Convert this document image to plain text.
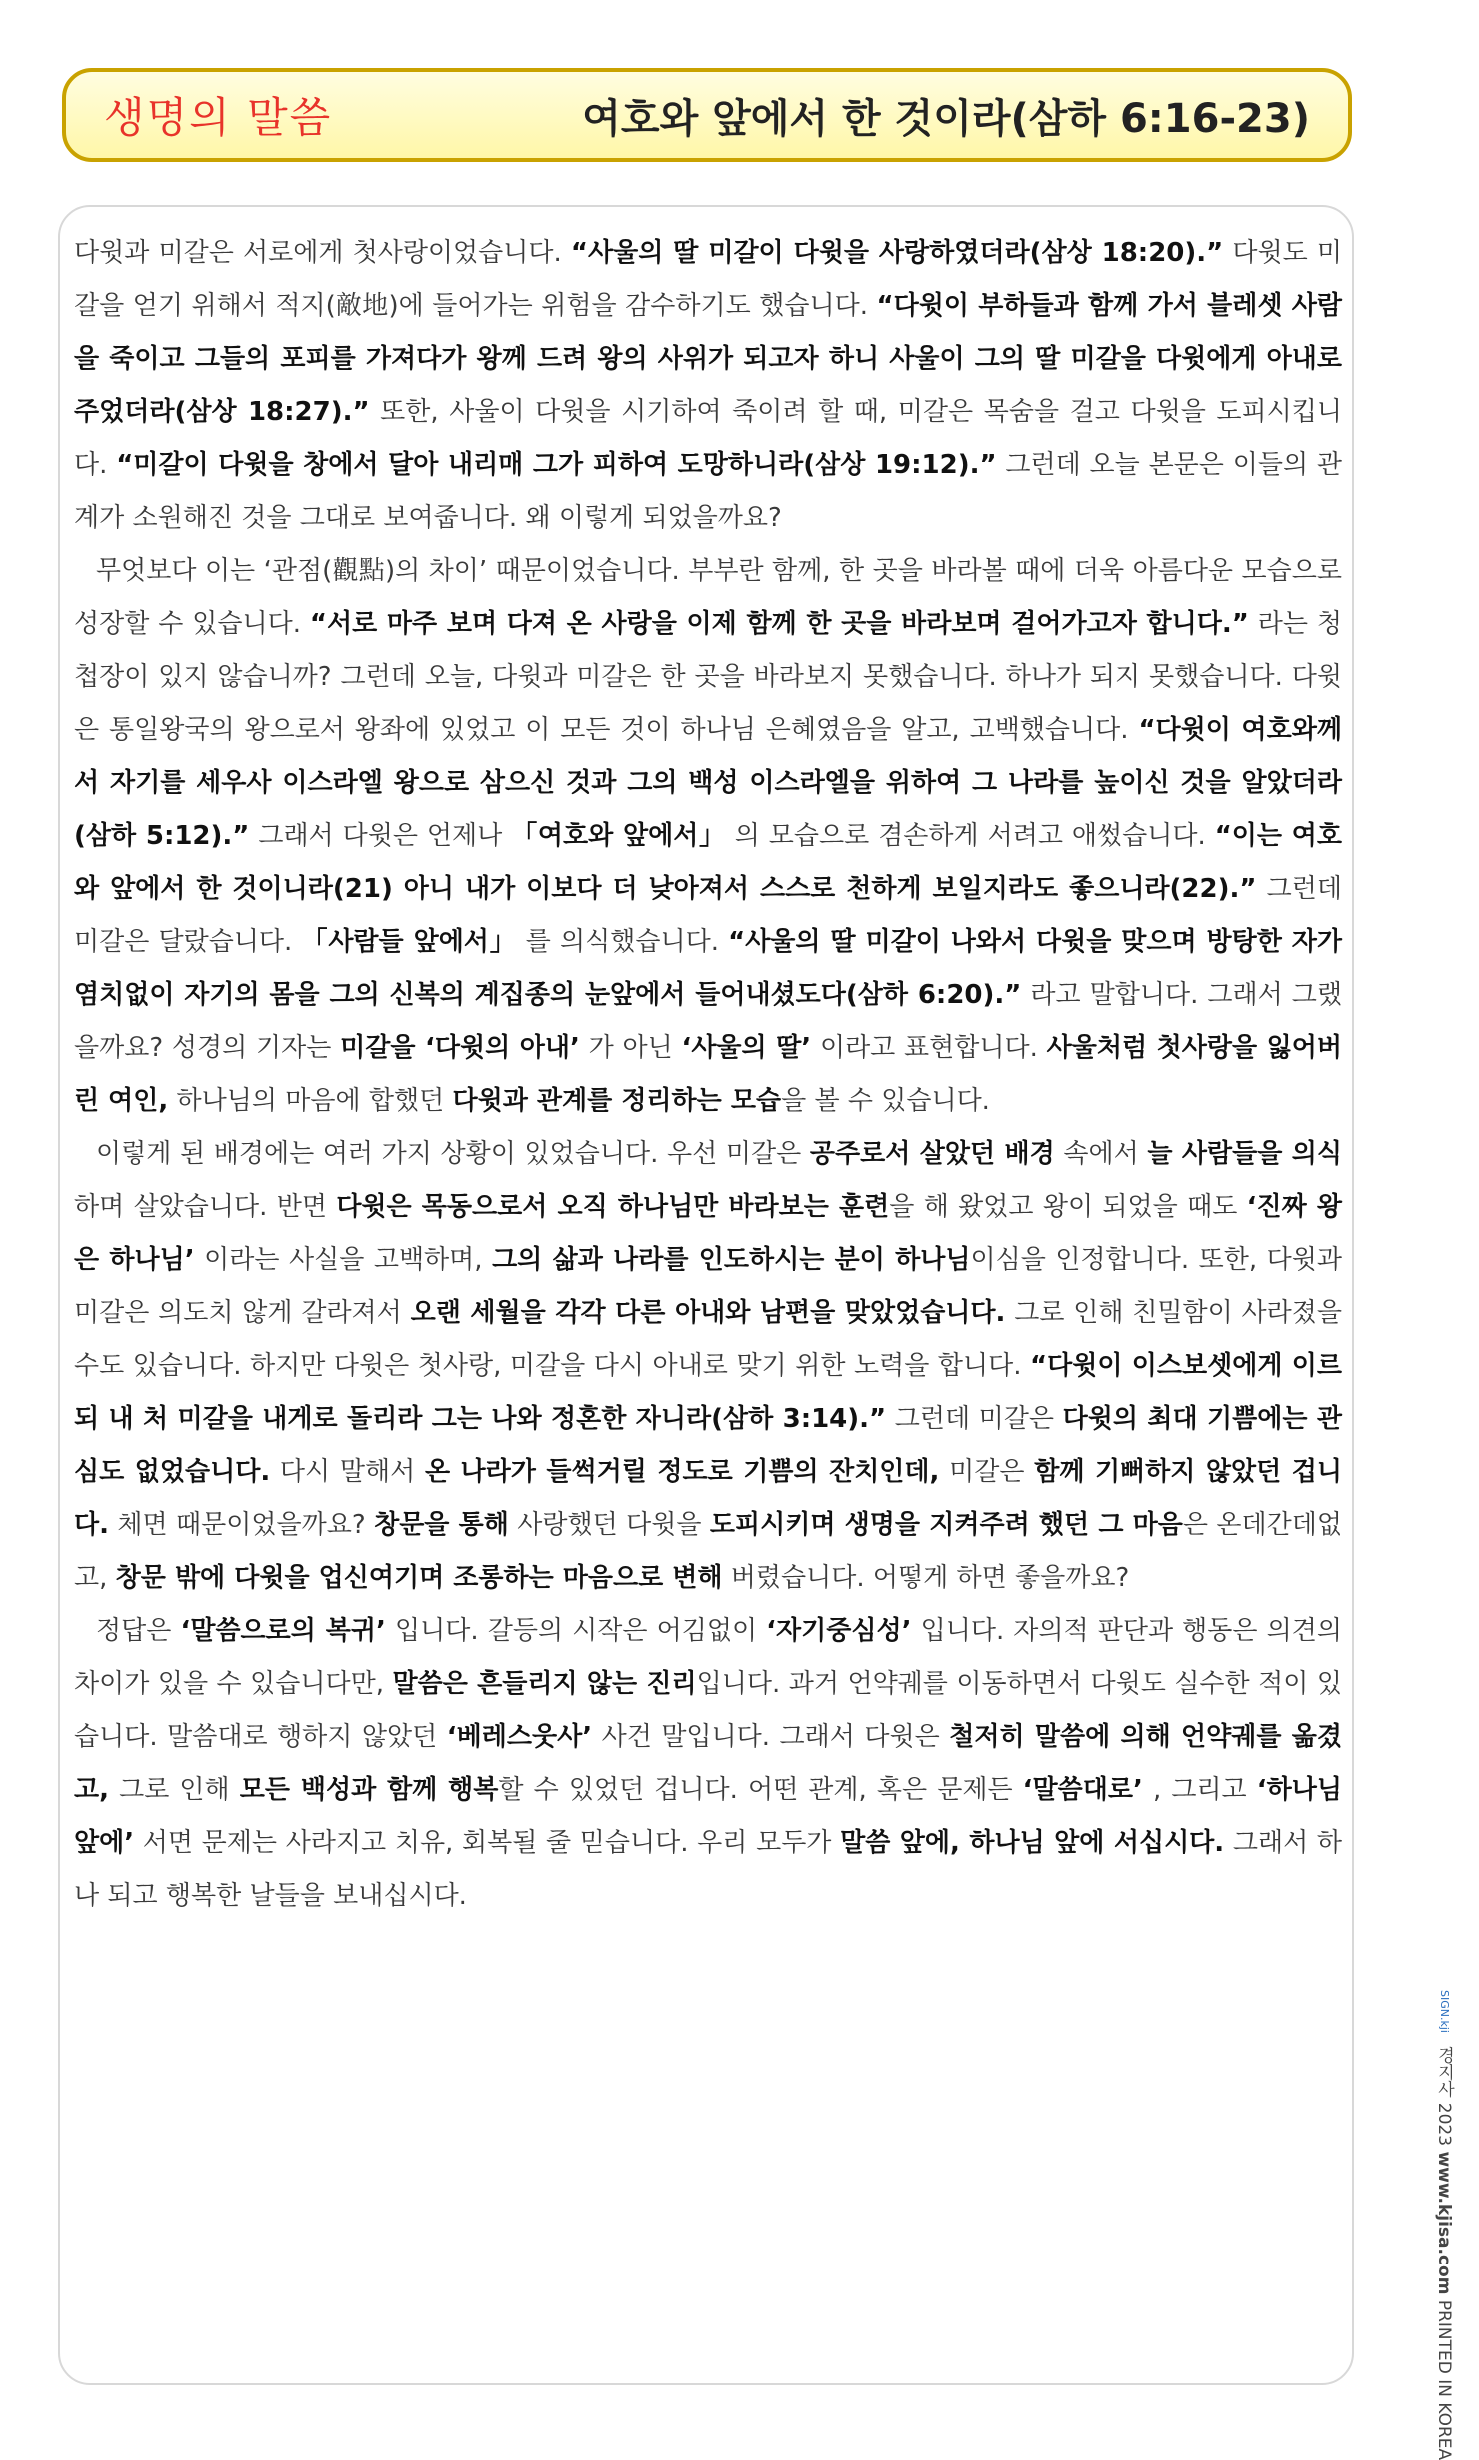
생명의 말씀	여호와 앞에서 한 것이라(삼하 6:16-23)

다윗과 미갈은 서로에게 첫사랑이었습니다. “사울의 딸 미갈이 다윗을 사랑하였더라(삼상 18:20).” 다윗도 미갈을 얻기 위해서 적지(敵地)에 들어가는 위험을 감수하기도 했습니다. “다윗이 부하들과 함께 가서 블레셋 사람을 죽이고 그들의 포피를 가져다가 왕께 드려 왕의 사위가 되고자 하니 사울이 그의 딸 미갈을 다윗에게 아내로 주었더라(삼상 18:27).” 또한, 사울이 다윗을 시기하여 죽이려 할 때, 미갈은 목숨을 걸고 다윗을 도피시킵니다. “미갈이 다윗을 창에서 달아 내리매 그가 피하여 도망하니라(삼상 19:12).” 그런데 오늘 본문은 이들의 관계가 소원해진 것을 그대로 보여줍니다. 왜 이렇게 되었을까요?

무엇보다 이는 ‘관점(觀點)의 차이’ 때문이었습니다. 부부란 함께, 한 곳을 바라볼 때에 더욱 아름다운 모습으로 성장할 수 있습니다. “서로 마주 보며 다져 온 사랑을 이제 함께 한 곳을 바라보며 걸어가고자 합니다.” 라는 청첩장이 있지 않습니까? 그런데 오늘, 다윗과 미갈은 한 곳을 바라보지 못했습니다. 하나가 되지 못했습니다. 다윗은 통일왕국의 왕으로서 왕좌에 있었고 이 모든 것이 하나님 은혜였음을 알고, 고백했습니다. “다윗이 여호와께서 자기를 세우사 이스라엘 왕으로 삼으신 것과 그의 백성 이스라엘을 위하여 그 나라를 높이신 것을 알았더라(삼하 5:12).” 그래서 다윗은 언제나 「여호와 앞에서」 의 모습으로 겸손하게 서려고 애썼습니다. “이는 여호와 앞에서 한 것이니라(21) 아니 내가 이보다 더 낮아져서 스스로 천하게 보일지라도 좋으니라(22).” 그런데 미갈은 달랐습니다. 「사람들 앞에서」 를 의식했습니다. “사울의 딸 미갈이 나와서 다윗을 맞으며 방탕한 자가 염치없이 자기의 몸을 그의 신복의 계집종의 눈앞에서 들어내셨도다(삼하 6:20).” 라고 말합니다. 그래서 그랬을까요? 성경의 기자는 미갈을 ‘다윗의 아내’ 가 아닌 ‘사울의 딸’ 이라고 표현합니다. 사울처럼 첫사랑을 잃어버린 여인, 하나님의 마음에 합했던 다윗과 관계를 정리하는 모습을 볼 수 있습니다.

이렇게 된 배경에는 여러 가지 상황이 있었습니다. 우선 미갈은 공주로서 살았던 배경 속에서 늘 사람들을 의식하며 살았습니다. 반면 다윗은 목동으로서 오직 하나님만 바라보는 훈련을 해 왔었고 왕이 되었을 때도 ‘진짜 왕은 하나님’ 이라는 사실을 고백하며, 그의 삶과 나라를 인도하시는 분이 하나님이심을 인정합니다. 또한, 다윗과 미갈은 의도치 않게 갈라져서 오랜 세월을 각각 다른 아내와 남편을 맞았었습니다. 그로 인해 친밀함이 사라졌을 수도 있습니다. 하지만 다윗은 첫사랑, 미갈을 다시 아내로 맞기 위한 노력을 합니다. “다윗이 이스보셋에게 이르되 내 처 미갈을 내게로 돌리라 그는 나와 정혼한 자니라(삼하 3:14).” 그런데 미갈은 다윗의 최대 기쁨에는 관심도 없었습니다. 다시 말해서 온 나라가 들썩거릴 정도로 기쁨의 잔치인데, 미갈은 함께 기뻐하지 않았던 겁니다. 체면 때문이었을까요? 창문을 통해 사랑했던 다윗을 도피시키며 생명을 지켜주려 했던 그 마음은 온데간데없고, 창문 밖에 다윗을 업신여기며 조롱하는 마음으로 변해 버렸습니다. 어떻게 하면 좋을까요?

정답은 ‘말씀으로의 복귀’ 입니다. 갈등의 시작은 어김없이 ‘자기중심성’ 입니다. 자의적 판단과 행동은 의견의 차이가 있을 수 있습니다만, 말씀은 흔들리지 않는 진리입니다. 과거 언약궤를 이동하면서 다윗도 실수한 적이 있습니다. 말씀대로 행하지 않았던 ‘베레스웃사’ 사건 말입니다. 그래서 다윗은 철저히 말씀에 의해 언약궤를 옮겼고, 그로 인해 모든 백성과 함께 행복할 수 있었던 겁니다. 어떤 관계, 혹은 문제든 ‘말씀대로’ , 그리고 ‘하나님 앞에’ 서면 문제는 사라지고 치유, 회복될 줄 믿습니다. 우리 모두가 말씀 앞에, 하나님 앞에 서십시다. 그래서 하나 되고 행복한 날들을 보내십시다.

SIGN.kji 경지사 2023 www.kjisa.com PRINTED IN KOREA
